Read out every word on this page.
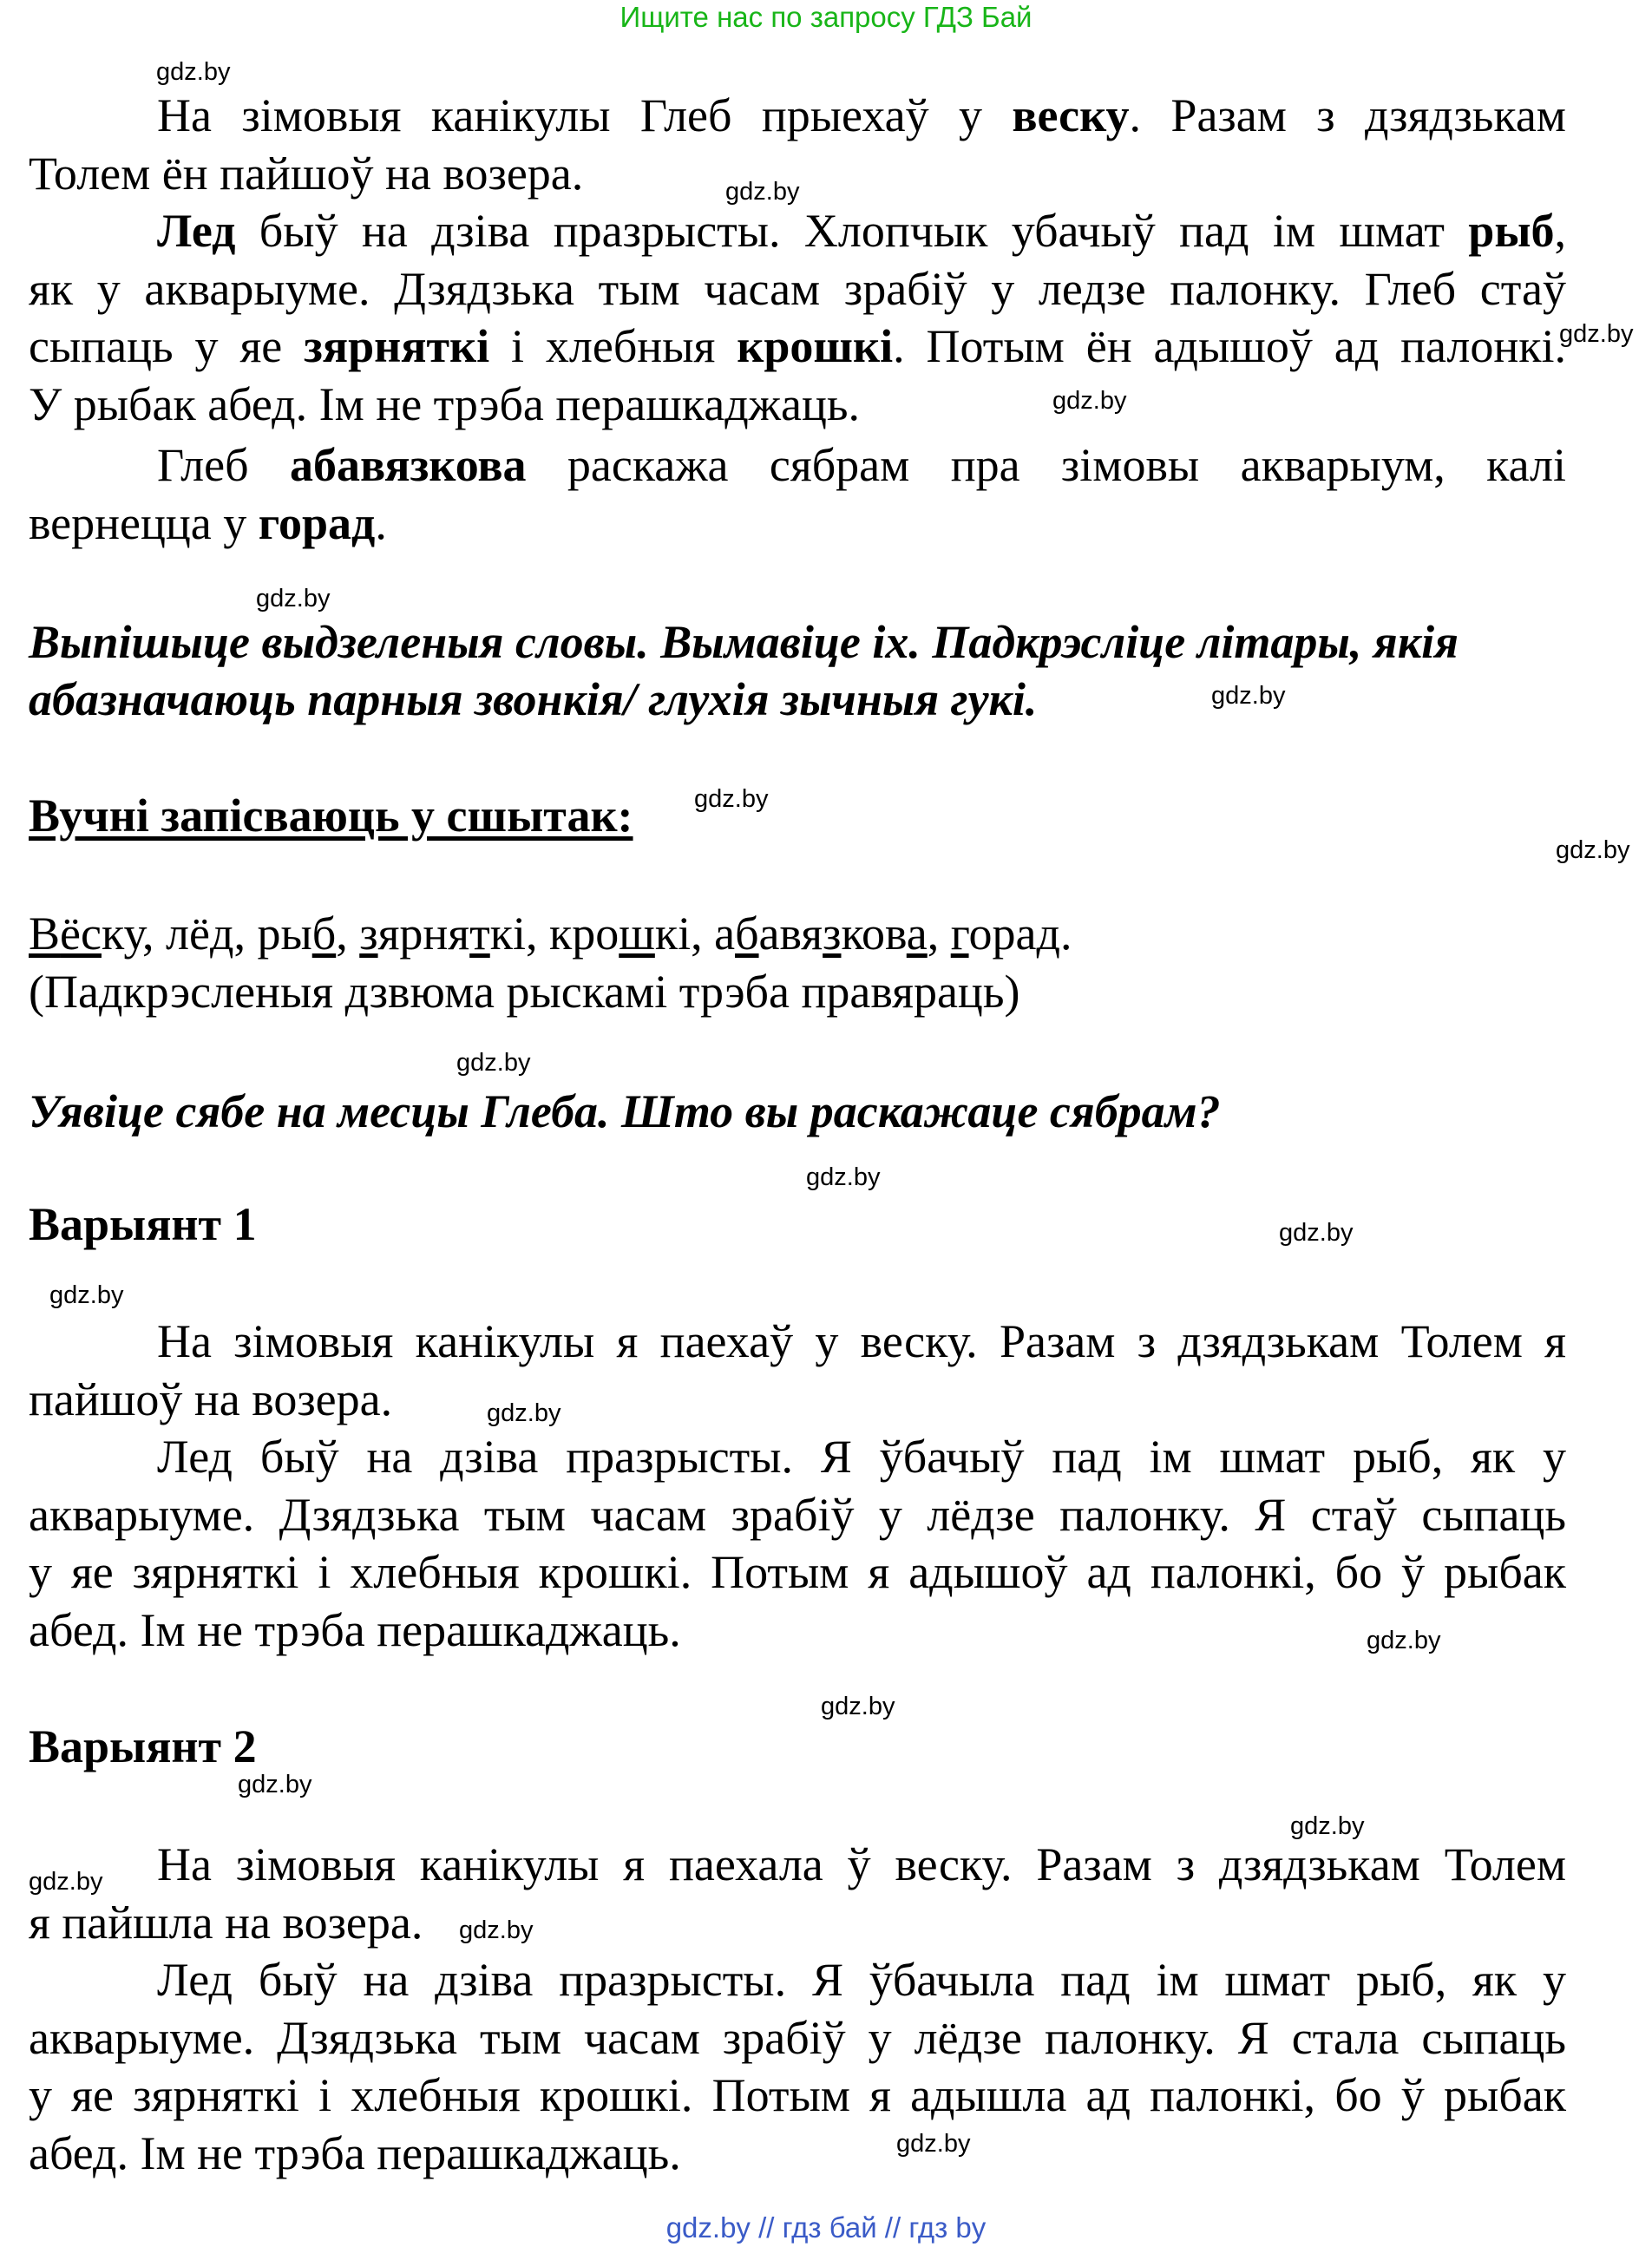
Ищите нас по запросу ГДЗ Бай
На зімовыя канікулы Глеб прыехаў у веску. Разам з дзядзькам
Толем ён пайшоў на возера.
Лед быў на дзіва празрысты. Хлопчык убачыў пад ім шмат рыб,
як у акварыуме. Дзядзька тым часам зрабіў у ледзе палонку. Глеб стаў
сыпаць у яе зярняткі і хлебныя крошкі. Потым ён адышоў ад палонкі.
У рыбак абед. Ім не трэба перашкаджаць.
Глеб абавязкова раскажа сябрам пра зімовы акварыум, калі
вернецца у горад.
Выпішыце выдзеленыя словы. Вымавіце іх. Падкрэсліце літары, якія
абазначаюць парныя звонкія/ глухія зычныя гукі.
Вучні запісваюць у сшытак:
Вёску, лёд, рыб, зярняткі, крошкі, абавязкова, горад.
(Падкрэсленыя дзвюма рыскамі трэба правяраць)
Уявіце сябе на месцы Глеба. Што вы раскажаце сябрам?
Варыянт 1
На зімовыя канікулы я паехаў у веску. Разам з дзядзькам Толем я
пайшоў на возера.
Лед быў на дзіва празрысты. Я ўбачыў пад ім шмат рыб, як у
акварыуме. Дзядзька тым часам зрабіў у лёдзе палонку. Я стаў сыпаць
у яе зярняткі і хлебныя крошкі. Потым я адышоў ад палонкі, бо ў рыбак
абед. Ім не трэба перашкаджаць.
Варыянт 2
На зімовыя канікулы я паехала ў веску. Разам з дзядзькам Толем
я пайшла на возера.
Лед быў на дзіва празрысты. Я ўбачыла пад ім шмат рыб, як у
акварыуме. Дзядзька тым часам зрабіў у лёдзе палонку. Я стала сыпаць
у яе зярняткі і хлебныя крошкі. Потым я адышла ад палонкі, бо ў рыбак
абед. Ім не трэба перашкаджаць.
gdz.by
gdz.by
gdz.by
gdz.by
gdz.by
gdz.by
gdz.by
gdz.by
gdz.by
gdz.by
gdz.by
gdz.by
gdz.by
gdz.by
gdz.by
gdz.by
gdz.by
gdz.by
gdz.by
gdz.by
gdz.by // гдз бай // гдз by
